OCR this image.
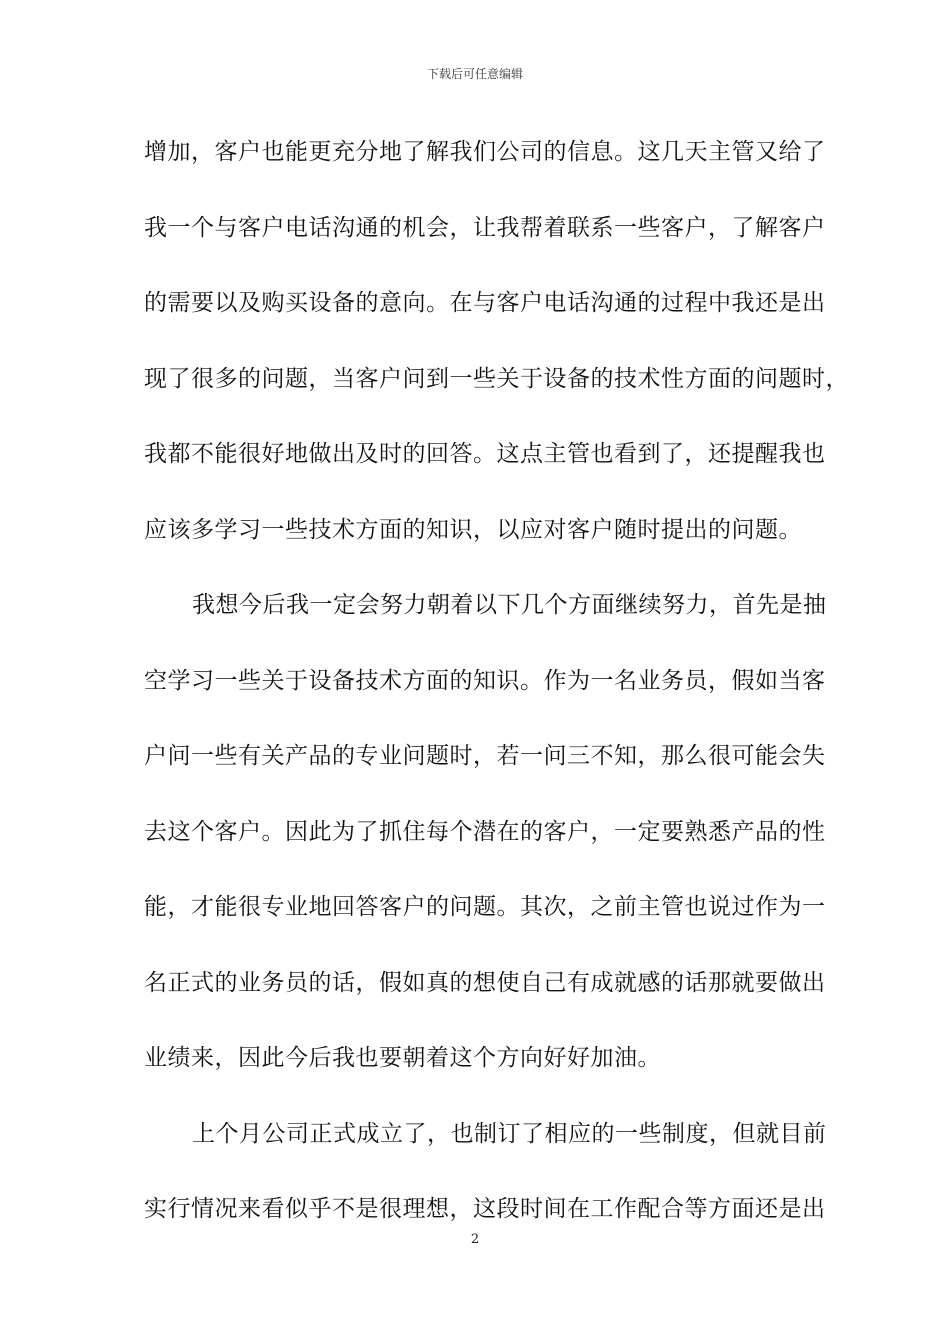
下载后可任意编辑
增加，客户也能更充分地了解我们公司的信息。这几天主管又给了
我一个与客户电话沟通的机会，让我帮着联系一些客户，了解客户
的需要以及购买设备的意向。在与客户电话沟通的过程中我还是出
现了很多的问题，当客户问到一些关于设备的技术性方面的问题时，
我都不能很好地做出及时的回答。这点主管也看到了，还提醒我也
应该多学习一些技术方面的知识，以应对客户随时提出的问题。
我想今后我一定会努力朝着以下几个方面继续努力，首先是抽
空学习一些关于设备技术方面的知识。作为一名业务员，假如当客
户问一些有关产品的专业问题时，若一问三不知，那么很可能会失
去这个客户。因此为了抓住每个潜在的客户，一定要熟悉产品的性
能，才能很专业地回答客户的问题。其次，之前主管也说过作为一
名正式的业务员的话，假如真的想使自己有成就感的话那就要做出
业绩来，因此今后我也要朝着这个方向好好加油。
上个月公司正式成立了，也制订了相应的一些制度，但就目前
实行情况来看似乎不是很理想，这段时间在工作配合等方面还是出
2
